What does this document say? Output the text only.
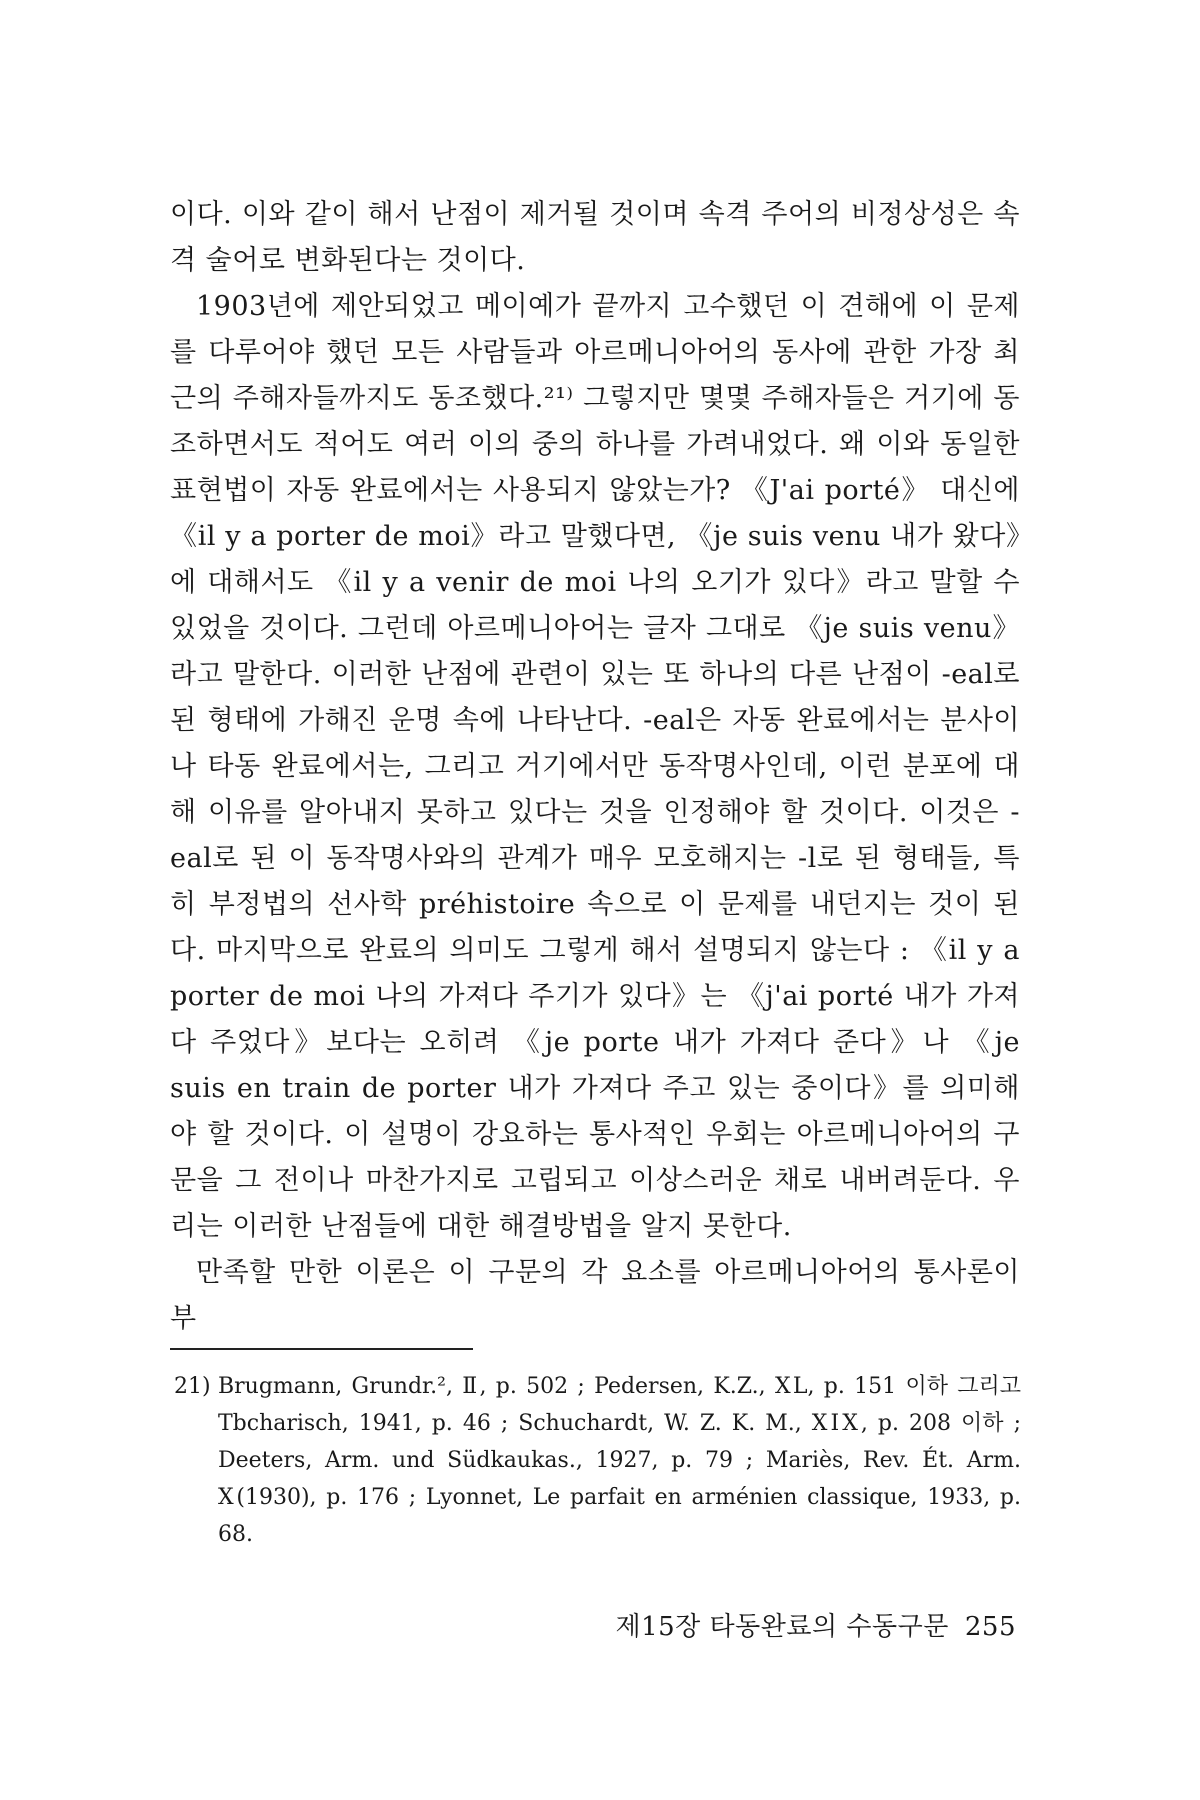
이다. 이와 같이 해서 난점이 제거될 것이며 속격 주어의 비정상성은 속격 술어로 변화된다는 것이다.

1903년에 제안되었고 메이예가 끝까지 고수했던 이 견해에 이 문제를 다루어야 했던 모든 사람들과 아르메니아어의 동사에 관한 가장 최근의 주해자들까지도 동조했다.²¹⁾ 그렇지만 몇몇 주해자들은 거기에 동조하면서도 적어도 여러 이의 중의 하나를 가려내었다. 왜 이와 동일한 표현법이 자동 완료에서는 사용되지 않았는가? 《J'ai porté》 대신에 《il y a porter de moi》라고 말했다면, 《je suis venu 내가 왔다》에 대해서도 《il y a venir de moi 나의 오기가 있다》라고 말할 수 있었을 것이다. 그런데 아르메니아어는 글자 그대로 《je suis venu》라고 말한다. 이러한 난점에 관련이 있는 또 하나의 다른 난점이 -eal로 된 형태에 가해진 운명 속에 나타난다. -eal은 자동 완료에서는 분사이나 타동 완료에서는, 그리고 거기에서만 동작명사인데, 이런 분포에 대해 이유를 알아내지 못하고 있다는 것을 인정해야 할 것이다. 이것은 -eal로 된 이 동작명사와의 관계가 매우 모호해지는 -l로 된 형태들, 특히 부정법의 선사학 préhistoire 속으로 이 문제를 내던지는 것이 된다. 마지막으로 완료의 의미도 그렇게 해서 설명되지 않는다 : 《il y a porter de moi 나의 가져다 주기가 있다》는 《j'ai porté 내가 가져다 주었다》보다는 오히려 《je porte 내가 가져다 준다》나 《je suis en train de porter 내가 가져다 주고 있는 중이다》를 의미해야 할 것이다. 이 설명이 강요하는 통사적인 우회는 아르메니아어의 구문을 그 전이나 마찬가지로 고립되고 이상스러운 채로 내버려둔다. 우리는 이러한 난점들에 대한 해결방법을 알지 못한다.

만족할 만한 이론은 이 구문의 각 요소를 아르메니아어의 통사론이 부

21) Brugmann, Grundr.², Ⅱ, p. 502 ; Pedersen, K.Z., ⅩL, p. 151 이하 그리고 Tbcharisch, 1941, p. 46 ; Schuchardt, W. Z. K. M., ⅩIⅩ, p. 208 이하 ; Deeters, Arm. und Südkaukas., 1927, p. 79 ; Mariès, Rev. Ét. Arm. Ⅹ(1930), p. 176 ; Lyonnet, Le parfait en arménien classique, 1933, p. 68.
제15장 타동완료의 수동구문 255
